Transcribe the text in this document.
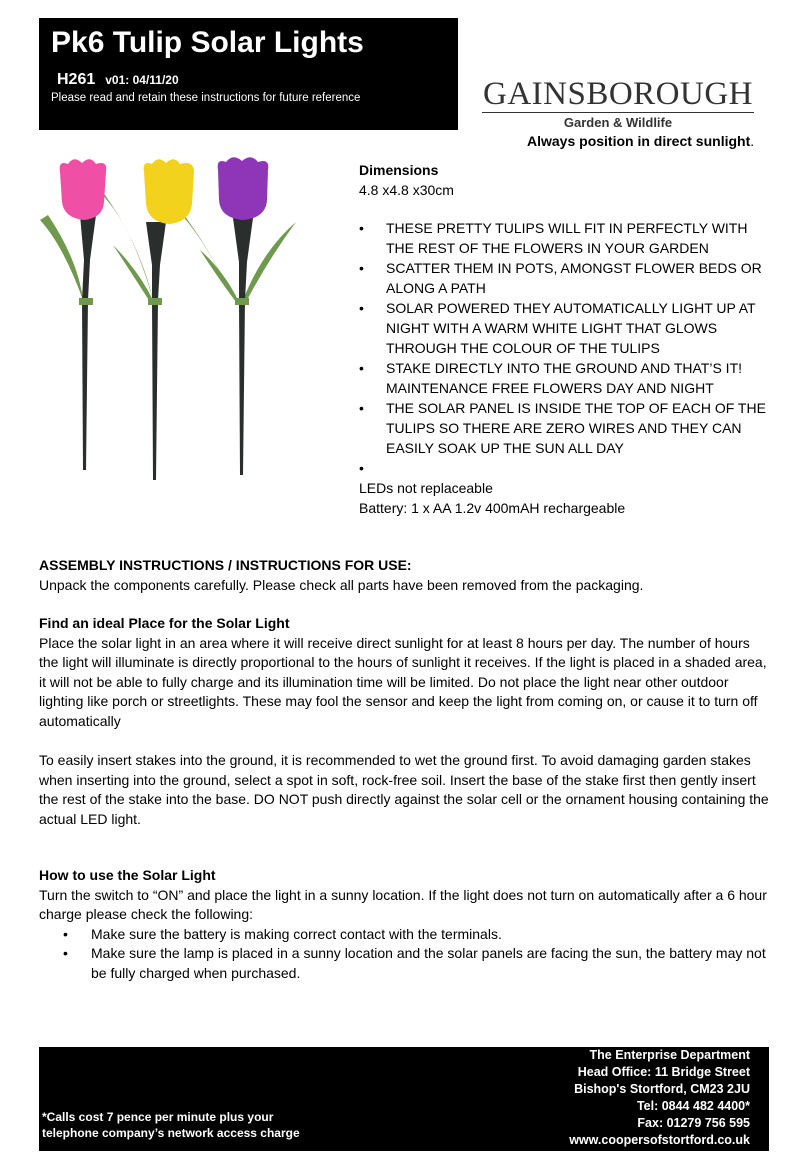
Pk6 Tulip Solar Lights
H261 v01: 04/11/20
Please read and retain these instructions for future reference	GAINSBOROUGH
Garden & Wildlife
Always position in direct sunlight.
Dimensions
4.8 x4.8 x30cm
• THESE PRETTY TULIPS WILL FIT IN PERFECTLY WITH THE REST OF THE FLOWERS IN YOUR GARDEN
• SCATTER THEM IN POTS, AMONGST FLOWER BEDS OR ALONG A PATH
• SOLAR POWERED THEY AUTOMATICALLY LIGHT UP AT NIGHT WITH A WARM WHITE LIGHT THAT GLOWS THROUGH THE COLOUR OF THE TULIPS
• STAKE DIRECTLY INTO THE GROUND AND THAT’S IT! MAINTENANCE FREE FLOWERS DAY AND NIGHT
• THE SOLAR PANEL IS INSIDE THE TOP OF EACH OF THE TULIPS SO THERE ARE ZERO WIRES AND THEY CAN EASILY SOAK UP THE SUN ALL DAY
•
LEDs not replaceable
Battery: 1 x AA 1.2v 400mAH rechargeable
ASSEMBLY INSTRUCTIONS / INSTRUCTIONS FOR USE:
Unpack the components carefully. Please check all parts have been removed from the packaging.
Find an ideal Place for the Solar Light
Place the solar light in an area where it will receive direct sunlight for at least 8 hours per day. The number of hours the light will illuminate is directly proportional to the hours of sunlight it receives. If the light is placed in a shaded area, it will not be able to fully charge and its illumination time will be limited. Do not place the light near other outdoor lighting like porch or streetlights. These may fool the sensor and keep the light from coming on, or cause it to turn off automatically
To easily insert stakes into the ground, it is recommended to wet the ground first. To avoid damaging garden stakes when inserting into the ground, select a spot in soft, rock-free soil. Insert the base of the stake first then gently insert the rest of the stake into the base. DO NOT push directly against the solar cell or the ornament housing containing the actual LED light.
How to use the Solar Light
Turn the switch to “ON” and place the light in a sunny location. If the light does not turn on automatically after a 6 hour charge please check the following:
• Make sure the battery is making correct contact with the terminals.
• Make sure the lamp is placed in a sunny location and the solar panels are facing the sun, the battery may not be fully charged when purchased.
The Enterprise Department
Head Office: 11 Bridge Street
Bishop's Stortford, CM23 2JU
Tel: 0844 482 4400*
Fax: 01279 756 595
www.coopersofstortford.co.uk
*Calls cost 7 pence per minute plus your
telephone company’s network access charge
